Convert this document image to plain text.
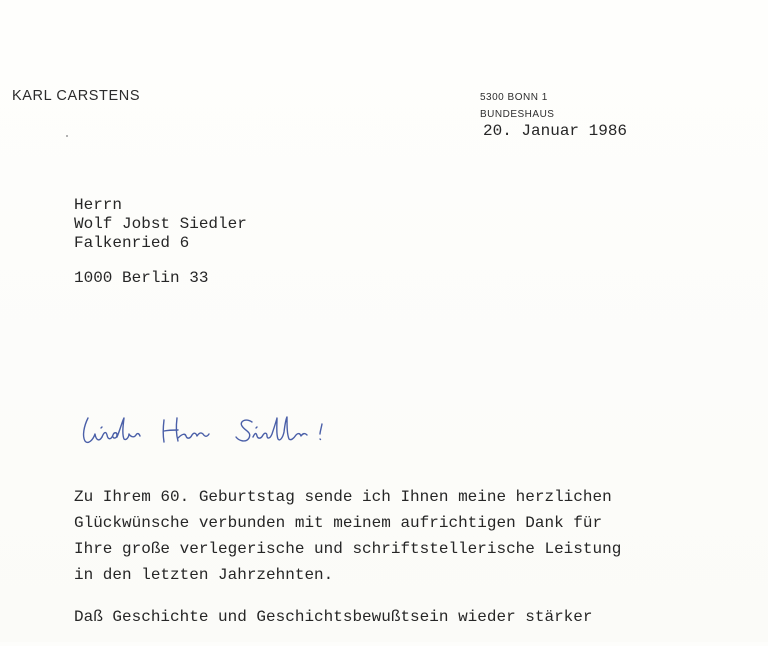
KARL CARSTENS	5300 BONN 1
BUNDESHAUS
20. Januar 1986
Herrn
Wolf Jobst Siedler
Falkenried 6
1000 Berlin 33
Zu Ihrem 60. Geburtstag sende ich Ihnen meine herzlichen
Glückwünsche verbunden mit meinem aufrichtigen Dank für
Ihre große verlegerische und schriftstellerische Leistung
in den letzten Jahrzehnten.
Daß Geschichte und Geschichtsbewußtsein wieder stärker
